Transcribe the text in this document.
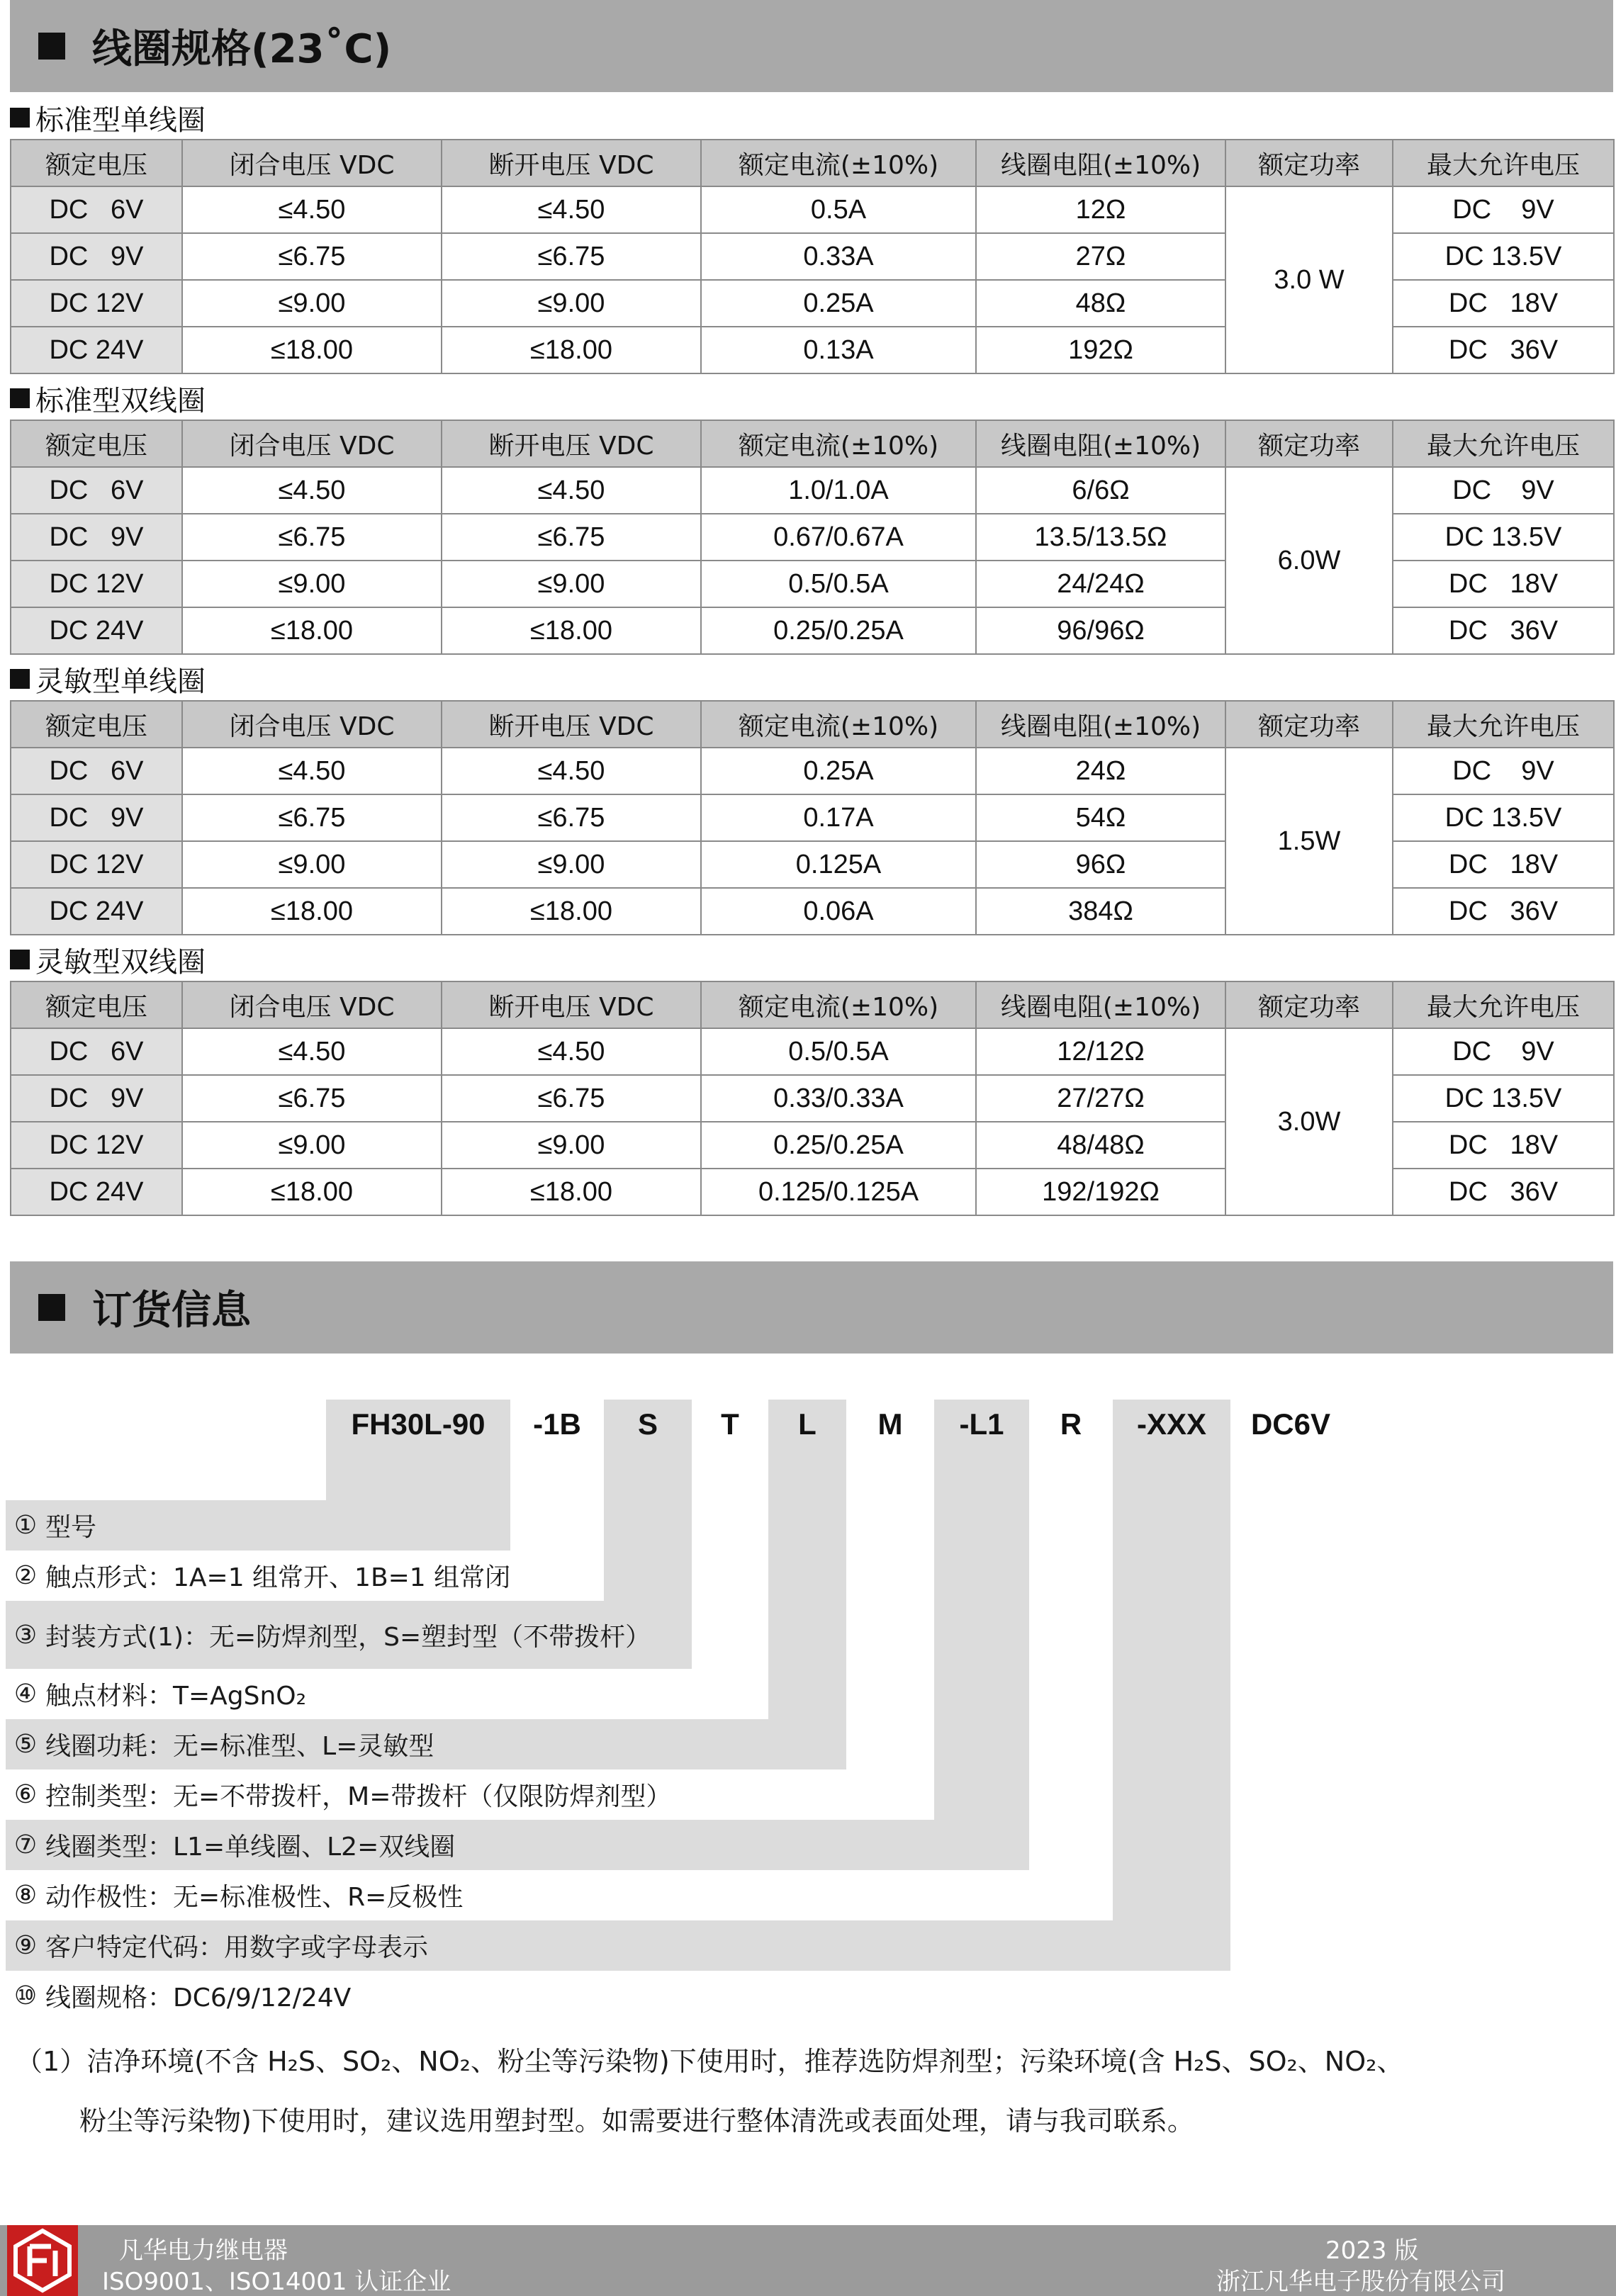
线圈规格(23˚C)
标准型单线圈
额定电压	闭合电压 VDC	断开电压 VDC	额定电流(±10%)	线圈电阻(±10%)	额定功率	最大允许电压
DC   6V	≤4.50	≤4.50	0.5A	12Ω	3.0 W	DC    9V
DC   9V	≤6.75	≤6.75	0.33A	27Ω		DC 13.5V
DC 12V	≤9.00	≤9.00	0.25A	48Ω		DC   18V
DC 24V	≤18.00	≤18.00	0.13A	192Ω		DC   36V
标准型双线圈
额定电压	闭合电压 VDC	断开电压 VDC	额定电流(±10%)	线圈电阻(±10%)	额定功率	最大允许电压
DC   6V	≤4.50	≤4.50	1.0/1.0A	6/6Ω	6.0W	DC    9V
DC   9V	≤6.75	≤6.75	0.67/0.67A	13.5/13.5Ω		DC 13.5V
DC 12V	≤9.00	≤9.00	0.5/0.5A	24/24Ω		DC   18V
DC 24V	≤18.00	≤18.00	0.25/0.25A	96/96Ω		DC   36V
灵敏型单线圈
额定电压	闭合电压 VDC	断开电压 VDC	额定电流(±10%)	线圈电阻(±10%)	额定功率	最大允许电压
DC   6V	≤4.50	≤4.50	0.25A	24Ω	1.5W	DC    9V
DC   9V	≤6.75	≤6.75	0.17A	54Ω		DC 13.5V
DC 12V	≤9.00	≤9.00	0.125A	96Ω		DC   18V
DC 24V	≤18.00	≤18.00	0.06A	384Ω		DC   36V
灵敏型双线圈
额定电压	闭合电压 VDC	断开电压 VDC	额定电流(±10%)	线圈电阻(±10%)	额定功率	最大允许电压
DC   6V	≤4.50	≤4.50	0.5/0.5A	12/12Ω	3.0W	DC    9V
DC   9V	≤6.75	≤6.75	0.33/0.33A	27/27Ω		DC 13.5V
DC 12V	≤9.00	≤9.00	0.25/0.25A	48/48Ω		DC   18V
DC 24V	≤18.00	≤18.00	0.125/0.125A	192/192Ω		DC   36V
订货信息
FH30L-90	-1B	S	T	L	M	-L1	R	-XXX	DC6V
① 型号
② 触点形式：1A=1 组常开、1B=1 组常闭
③ 封装方式(1)：无=防焊剂型，S=塑封型（不带拨杆）
④ 触点材料：T=AgSnO₂
⑤ 线圈功耗：无=标准型、L=灵敏型
⑥ 控制类型：无=不带拨杆，M=带拨杆（仅限防焊剂型）
⑦ 线圈类型：L1=单线圈、L2=双线圈
⑧ 动作极性：无=标准极性、R=反极性
⑨ 客户特定代码：用数字或字母表示
⑩ 线圈规格：DC6/9/12/24V
（1）洁净环境(不含 H₂S、SO₂、NO₂、粉尘等污染物)下使用时，推荐选防焊剂型；污染环境(含 H₂S、SO₂、NO₂、
粉尘等污染物)下使用时，建议选用塑封型。如需要进行整体清洗或表面处理，请与我司联系。
凡华电力继电器
ISO9001、ISO14001 认证企业
2023 版
浙江凡华电子股份有限公司
